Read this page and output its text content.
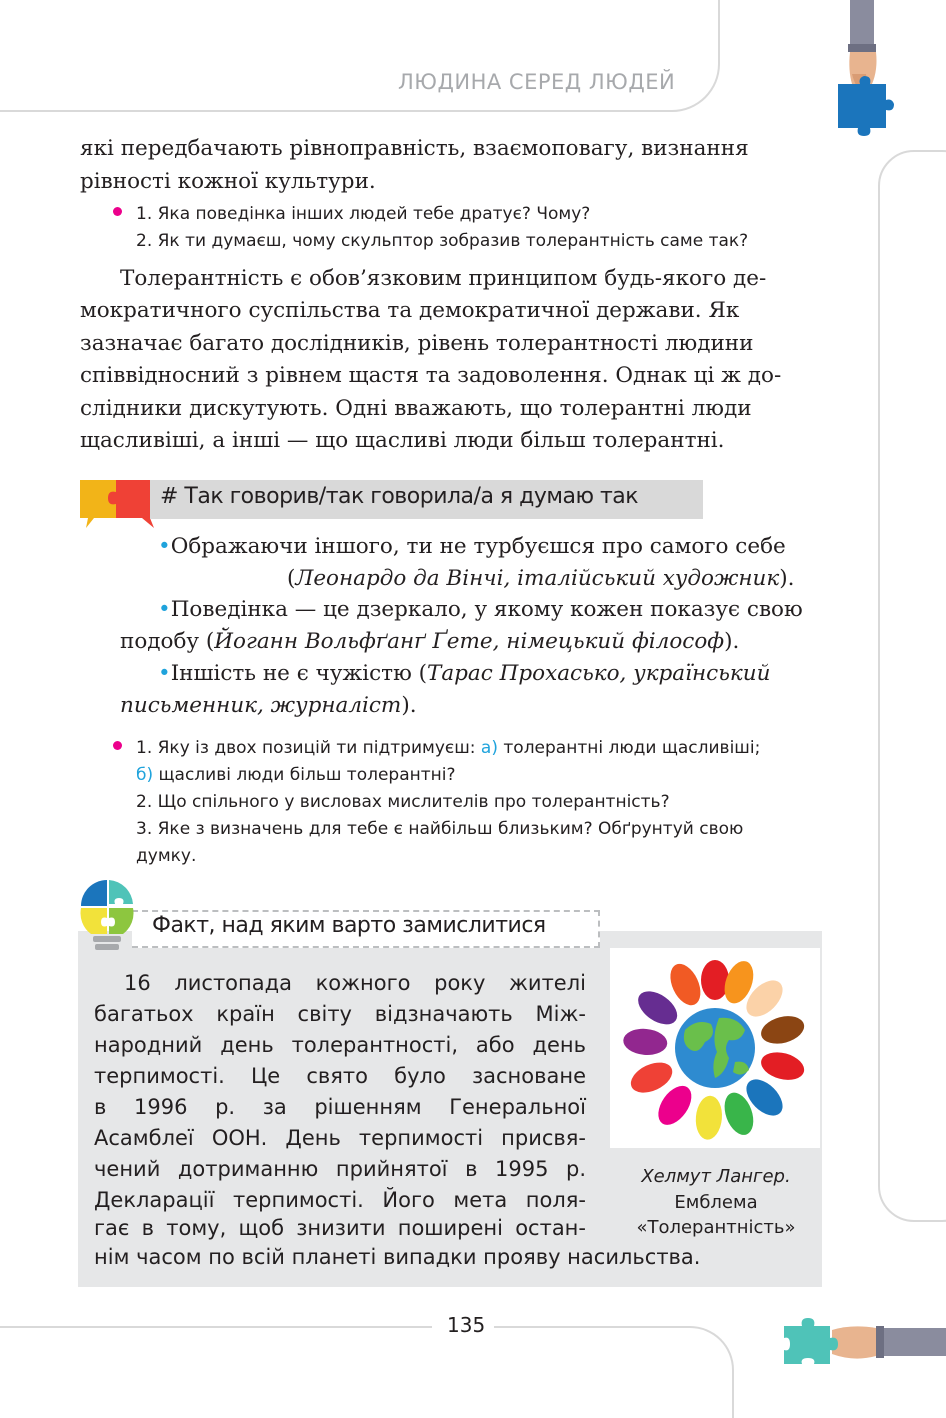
ЛЮДИНА СЕРЕД ЛЮДЕЙ
які передбачають рівноправність, взаємоповагу, визнання
рівності кожної культури.
1. Яка поведінка інших людей тебе дратує? Чому?
2. Як ти думаєш, чому скульптор зобразив толерантність саме так?
Толерантність є обов’язковим принципом будь-якого де-
мократичного суспільства та демократичної держави. Як
зазначає багато дослідників, рівень толерантності людини
співвідносний з рівнем щастя та задоволення. Однак ці ж до-
слідники дискутують. Одні вважають, що толерантні люди
щасливіші, а інші — що щасливі люди більш толерантні.
# Так говорив/так говорила/а я думаю так
•Ображаючи іншого, ти не турбуєшся про самого себе
(Леонардо да Вінчі, італійський художник).
•Поведінка — це дзеркало, у якому кожен показує свою
подобу (Йоганн Вольфґанґ Ґете, німецький філософ).
•Іншість не є чужістю (Тарас Прохасько, український
письменник, журналіст).
1. Яку із двох позицій ти підтримуєш: а) толерантні люди щасливіші;
б) щасливі люди більш толерантні?
2. Що спільного у висловах мислителів про толерантність?
3. Яке з визначень для тебе є найбільш близьким? Обґрунтуй свою
думку.
Факт, над яким варто замислитися
16 листопада кожного року жителі
багатьох країн світу відзначають Між-
народний день толерантності, або день
терпимості. Це свято було засноване
в 1996 р. за рішенням Генеральної
Асамблеї ООН. День терпимості присвя-
чений дотриманню прийнятої в 1995 р.
Декларації терпимості. Його мета поля-
гає в тому, щоб знизити поширені остан-
нім часом по всій планеті випадки прояву насильства.
Хелмут Лангер.
Емблема
«Толерантність»
135
